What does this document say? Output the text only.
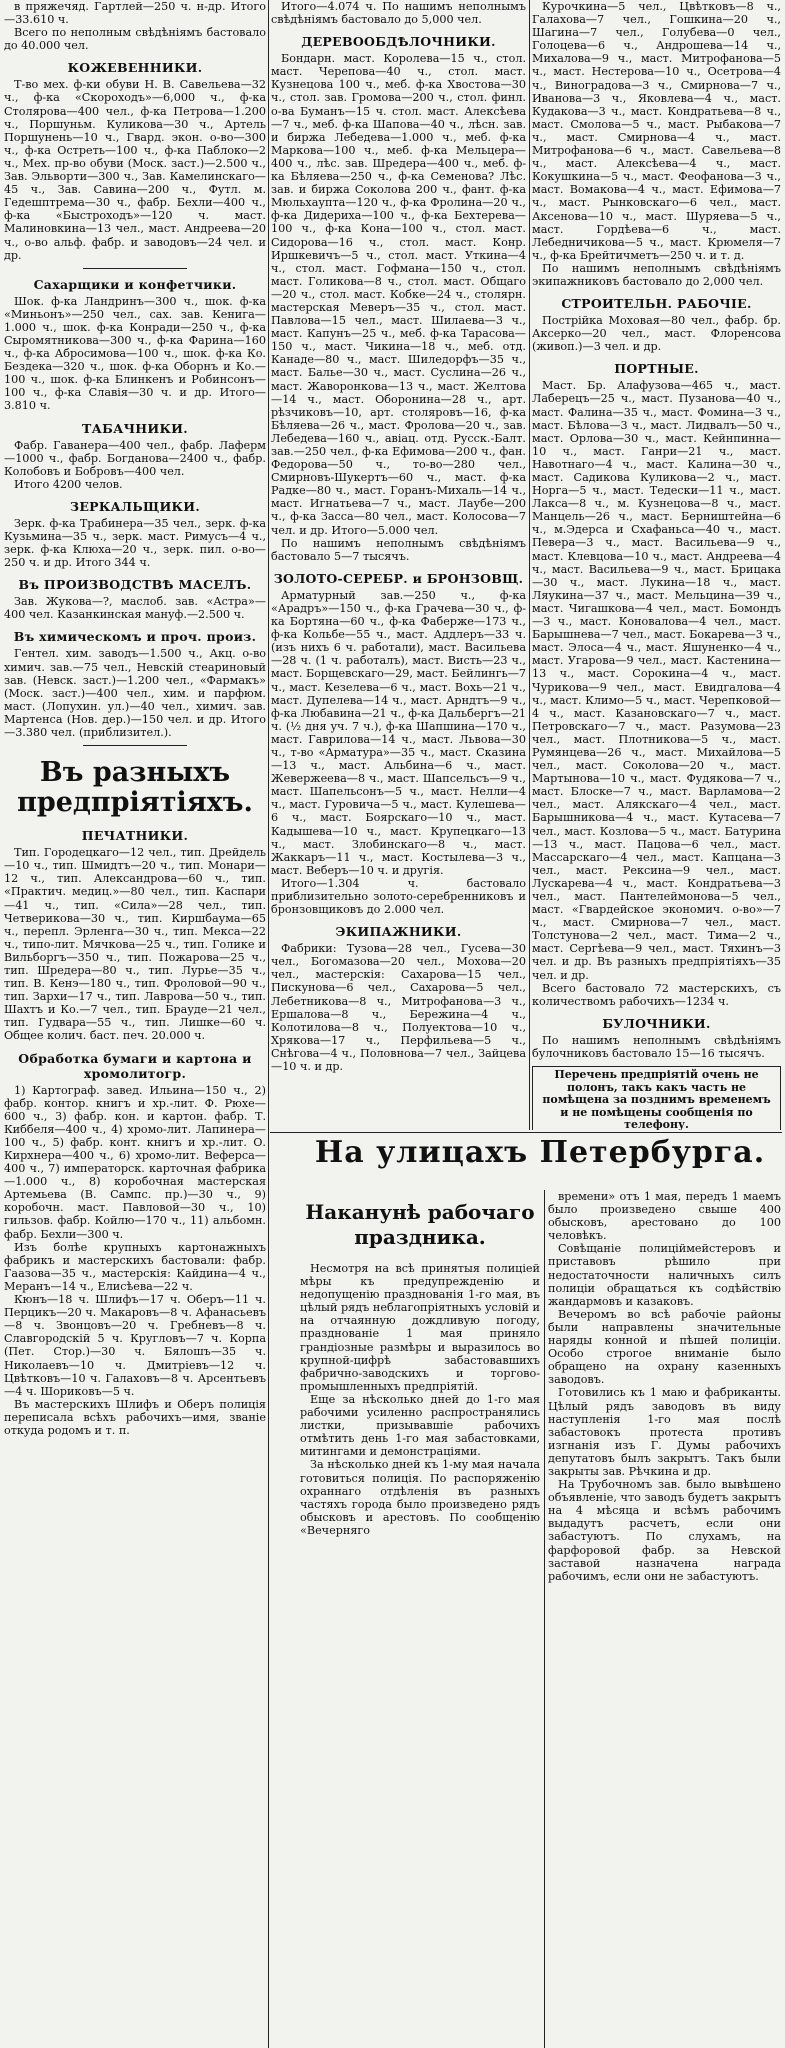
в пряжечяд. Гартлей—250 ч. н-др. Итого—33.610 ч.

Всего по неполным свѣдѣніямъ бастовало до 40.000 чел.

КОЖЕВЕННИКИ.

Т-во мех. ф-ки обуви Н. В. Савельева—32 ч., ф-ка «Скороходъ»—6,000 ч., ф-ка Столярова—400 чел., ф-ка Петрова—1.200 ч., Поршуньм. Куликова—30 ч., Артель Поршунень—10 ч., Гвард. экон. о-во—300 ч., ф-ка Остреть—100 ч., ф-ка Паблоко—2 ч., Мех. пр-во обуви (Моск. заст.)—2.500 ч., Зав. Эльворти—300 ч., Зав. Камелинскаго—45 ч., Зав. Савина—200 ч., Футл. м. Гедешптрема—30 ч., фабр. Бехли—400 ч., ф-ка «Быстроходъ»—120 ч. маст. Малиновкина—13 чел., маст. Андреева—20 ч., о-во альф. фабр. и заводовъ—24 чел. и др.

Сахарщики и конфетчики.

Шок. ф-ка Ландринъ—300 ч., шок. ф-ка «Миньонъ»—250 чел., сах. зав. Кенига—1.000 ч., шок. ф-ка Конради—250 ч., ф-ка Сыромятникова—300 ч., ф-ка Фарина—160 ч., ф-ка Абросимова—100 ч., шок. ф-ка Ко. Бездека—320 ч., шок. ф-ка Оборнъ и Ко.—100 ч., шок. ф-ка Блинкенъ и Робинсонъ—100 ч., ф-ка Славія—30 ч. и др. Итого—3.810 ч.

ТАБАЧНИКИ.

Фабр. Гаванера—400 чел., фабр. Лаферм—1000 ч., фабр. Богданова—2400 ч., фабр. Колобовъ и Бобровъ—400 чел.

Итого 4200 челов.

ЗЕРКАЛЬЩИКИ.

Зерк. ф-ка Трабинера—35 чел., зерк. ф-ка Кузьмина—35 ч., зерк. маст. Римусъ—4 ч., зерк. ф-ка Клюха—20 ч., зерк. пил. о-во—250 ч. и др. Итого 344 ч.

Въ ПРОИЗВОДСТВѢ МАСЕЛЪ.

Зав. Жукова—?, маслоб. зав. «Астра»—400 чел. Казанкинская мануф.—2.500 ч.

Въ химическомъ и проч. произ.

Гентел. хим. заводъ—1.500 ч., Акц. о-во химич. зав.—75 чел., Невскій стеариновый зав. (Невск. заст.)—1.200 чел., «Фармакъ» (Моск. заст.)—400 чел., хим. и парфюм. маст. (Лопухин. ул.)—40 чел., химич. зав. Мартенса (Нов. дер.)—150 чел. и др. Итого—3.380 чел. (приблизител.).

Въ разныхъ предпріятіяхъ.
ПЕЧАТНИКИ.

Тип. Городецкаго—12 чел., тип. Дрейдель—10 ч., тип. Шмидтъ—20 ч., тип. Монари—12 ч., тип. Александрова—60 ч., тип. «Практич. медиц.»—80 чел., тип. Каспари—41 ч., тип. «Сила»—28 чел., тип. Четверикова—30 ч., тип. Киршбаума—65 ч., перепл. Эрленга—30 ч., тип. Мекса—22 ч., типо-лит. Мячкова—25 ч., тип. Голике и Вильборгъ—350 ч., тип. Пожарова—25 ч., тип. Шредера—80 ч., тип. Лурье—35 ч., тип. В. Кенэ—180 ч., тип. Фроловой—90 ч., тип. Зархи—17 ч., тип. Лаврова—50 ч., тип. Шахтъ и Ко.—7 чел., тип. Брауде—21 чел., тип. Гудвара—55 ч., тип. Лишке—60 ч. Общее колич. баст. печ. 20.000 ч.

Обработка бумаги и картона и хромолитогр.

1) Картограф. завед. Ильина—150 ч., 2) фабр. контор. книгъ и хр.-лит. Ф. Рюхе—600 ч., 3) фабр. кон. и картон. фабр. Т. Киббеля—400 ч., 4) хромо-лит. Лапинера—100 ч., 5) фабр. конт. книгъ и хр.-лит. О. Кирхнера—400 ч., 6) хромо-лит. Веферса—400 ч., 7) императорск. карточная фабрика—1.000 ч., 8) коробочная мастерская Артемьева (В. Сампс. пр.)—30 ч., 9) коробочн. маст. Павловой—30 ч., 10) гильзов. фабр. Койлю—170 ч., 11) альбомн. фабр. Бехли—300 ч.

Изъ болѣе крупныхъ картонажныхъ фабрикъ и мастерскихъ бастовали: фабр. Гаазова—35 ч., мастерскія: Кайдина—4 ч., Меранъ—14 ч., Елисѣева—22 ч.

Кюнъ—18 ч. Шлифъ—17 ч. Оберъ—11 ч. Перцикъ—20 ч. Макаровъ—8 ч. Афанасьевъ—8 ч. Звонцовъ—20 ч. Гребневъ—8 ч. Славгородскій 5 ч. Кругловъ—7 ч. Корпа (Пет. Стор.)—30 ч. Бялошъ—35 ч. Николаевъ—10 ч. Дмитріевъ—12 ч. Цвѣтковъ—10 ч. Галаховъ—8 ч. Арсентьевъ—4 ч. Шориковъ—5 ч.

Въ мастерскихъ Шлифъ и Оберъ полиція переписала всѣхъ рабочихъ—имя, званіе откуда родомъ и т. п.

Итого—4.074 ч. По нашимъ неполнымъ свѣдѣніямъ бастовало до 5,000 чел.

ДЕРЕВООБДѢЛОЧНИКИ.

Бондарн. маст. Королева—15 ч., стол. маст. Черепова—40 ч., стол. маст. Кузнецова 100 ч., меб. ф-ка Хвостова—30 ч., стол. зав. Громова—200 ч., стол. финл. о-ва Буманъ—15 ч. стол. маст. Алексѣева—7 ч., меб. ф-ка Шапова—40 ч., лѣсн. зав. и биржа Лебедева—1.000 ч., меб. ф-ка Маркова—100 ч., меб. ф-ка Мельцера—400 ч., лѣс. зав. Шредера—400 ч., меб. ф-ка Бѣляева—250 ч., ф-ка Семенова? Лѣс. зав. и биржа Соколова 200 ч., фант. ф-ка Мюльхаупта—120 ч., ф-ка Фролина—20 ч., ф-ка Дидериха—100 ч., ф-ка Бехтерева—100 ч., ф-ка Кона—100 ч., стол. маст. Сидорова—16 ч., стол. маст. Конр. Иршкевичъ—5 ч., стол. маст. Уткина—4 ч., стол. маст. Гофмана—150 ч., стол. маст. Голикова—8 ч., стол. маст. Общаго—20 ч., стол. маст. Кобке—24 ч., столярн. мастерская Меверъ—35 ч., стол. маст. Павлова—15 чел., маст. Шилаева—3 ч., маст. Капунъ—25 ч., меб. ф-ка Тарасова—150 ч., маст. Чикина—18 ч., меб. отд. Канаде—80 ч., маст. Шиледорфъ—35 ч., маст. Балье—30 ч., маст. Суслина—26 ч., маст. Жаворонкова—13 ч., маст. Желтова—14 ч., маст. Оборонина—28 ч., арт. рѣзчиковъ—10, арт. столяровъ—16, ф-ка Бѣляева—26 ч., маст. Фролова—20 ч., зав. Лебедева—160 ч., авіац. отд. Русск.-Балт. зав.—250 чел., ф-ка Ефимова—200 ч., фан. Федорова—50 ч., то-во—280 чел., Смирновъ-Шукертъ—60 ч., маст. ф-ка Радке—80 ч., маст. Горанъ-Михаль—14 ч., маст. Игнатьева—7 ч., маст. Лаубе—200 ч., ф-ка Засса—80 чел., маст. Колосова—7 чел. и др. Итого—5.000 чел.

По нашимъ неполнымъ свѣдѣніямъ бастовало 5—7 тысячъ.

ЗОЛОТО-СЕРЕБР. и БРОНЗОВЩ.

Арматурный зав.—250 ч., ф-ка «Арадръ»—150 ч., ф-ка Грачева—30 ч., ф-ка Бортяна—60 ч., ф-ка Фаберже—173 ч., ф-ка Кольбе—55 ч., маст. Аддлеръ—33 ч. (изъ нихъ 6 ч. работали), маст. Васильева—28 ч. (1 ч. работалъ), маст. Висть—23 ч., маст. Борщевскаго—29, маст. Бейлингь—7 ч., маст. Кезелева—6 ч., маст. Вохь—21 ч., маст. Дупелева—14 ч., маст. Арндтъ—9 ч., ф-ка Любавина—21 ч., ф-ка Дальбергъ—21 ч. (½ дня уч. 7 ч.), ф-ка Шапшина—170 ч., маст. Гаврилова—14 ч., маст. Львова—30 ч., т-во «Арматура»—35 ч., маст. Сказина—13 ч., маст. Альбина—6 ч., маст. Жевержеева—8 ч., маст. Шапсельсъ—9 ч., маст. Шапельсонъ—5 ч., маст. Нелли—4 ч., маст. Гуровича—5 ч., маст. Кулешева—6 ч., маст. Боярскаго—10 ч., маст. Кадышева—10 ч., маст. Крупецкаго—13 ч., маст. Злобинскаго—8 ч., маст. Жаккаръ—11 ч., маст. Костылева—3 ч., маст. Веберъ—10 ч. и другія.

Итого—1.304 ч. бастовало приблизительно золото-серебренниковъ и бронзовщиковъ до 2.000 чел.

ЭКИПАЖНИКИ.

Фабрики: Тузова—28 чел., Гусева—30 чел., Богомазова—20 чел., Мохова—20 чел., мастерскія: Сахарова—15 чел., Пискунова—6 чел., Сахарова—5 чел., Лебетникова—8 ч., Митрофанова—3 ч., Ершалова—8 ч., Бережина—4 ч., Колотилова—8 ч., Полуектова—10 ч., Хрякова—17 ч., Перфильева—5 ч., Снѣгова—4 ч., Половнова—7 чел., Зайцева—10 ч. и др.

Курочкина—5 чел., Цвѣтковъ—8 ч., Галахова—7 чел., Гошкина—20 ч., Шагина—7 чел., Голубева—0 чел., Голоцева—6 ч., Андрошева—14 ч., Михалова—9 ч., маст. Митрофанова—5 ч., маст. Нестерова—10 ч., Осетрова—4 ч., Виноградова—3 ч., Смирнова—7 ч., Иванова—3 ч., Яковлева—4 ч., маст. Кудакова—3 ч., маст. Кондратьева—8 ч., маст. Смолова—5 ч., маст. Рыбакова—7 ч., маст. Смирнова—4 ч., маст. Митрофанова—6 ч., маст. Савельева—8 ч., маст. Алексѣева—4 ч., маст. Кокушкина—5 ч., маст. Феофанова—3 ч., маст. Вомакова—4 ч., маст. Ефимова—7 ч., маст. Рынковскаго—6 чел., маст. Аксенова—10 ч., маст. Шуряева—5 ч., маст. Гордѣева—6 ч., маст. Лебедничикова—5 ч., маст. Крюмеля—7 ч., ф-ка Брейтичметъ—250 ч. и т. д.

По нашимъ неполнымъ свѣдѣніямъ экипажниковъ бастовало до 2,000 чел.

СТРОИТЕЛЬН. РАБОЧІЕ.

Пострійка Моховая—80 чел., фабр. бр. Аксерко—20 чел., маст. Флоренсова (живоп.)—3 чел. и др.

ПОРТНЫЕ.

Маст. Бр. Алафузова—465 ч., маст. Лаберецъ—25 ч., маст. Пузанова—40 ч., маст. Фалина—35 ч., маст. Фомина—3 ч., маст. Бѣлова—3 ч., маст. Лидвалъ—50 ч., маст. Орлова—30 ч., маст. Кейнпинна—10 ч., маст. Ганри—21 ч., маст. Навотнаго—4 ч., маст. Калина—30 ч., маст. Садикова Куликова—2 ч., маст. Норга—5 ч., маст. Тедески—11 ч., маст. Лакса—8 ч., м. Кузнецова—8 ч., маст. Манцель—26 ч., маст. Берништейна—6 ч., м.Эдерса и Схафаньса—40 ч., маст. Певера—3 ч., маст. Васильева—9 ч., маст. Клевцова—10 ч., маст. Андреева—4 ч., маст. Васильева—9 ч., маст. Брицака—30 ч., маст. Лукина—18 ч., маст. Ляукина—37 ч., маст. Мельцина—39 ч., маст. Чигашкова—4 чел., маст. Бомондъ—3 ч., маст. Коновалова—4 чел., маст. Барышнева—7 чел., маст. Бокарева—3 ч., маст. Элоса—4 ч., маст. Яшуненко—4 ч., маст. Угарова—9 чел., маст. Кастенина—13 ч., маст. Сорокина—4 ч., маст. Чурикова—9 чел., маст. Евидгалова—4 ч., маст. Климо—5 ч., маст. Черепковой—4 ч., маст. Казановскаго—7 ч., маст. Петровскаго—7 ч., маст. Разумова—23 чел., маст. Плотникова—5 ч., маст. Румянцева—26 ч., маст. Михайлова—5 чел., маст. Соколова—20 ч., маст. Мартынова—10 ч., маст. Фудякова—7 ч., маст. Блоске—7 ч., маст. Варламова—2 чел., маст. Алякскаго—4 чел., маст. Барышникова—4 ч., маст. Кутасева—7 чел., маст. Козлова—5 ч., маст. Батурина—13 ч., маст. Пацова—6 чел., маст. Массарскаго—4 чел., маст. Капцана—3 чел., маст. Рексина—9 чел., маст. Лускарева—4 ч., маст. Кондратьева—3 чел., маст. Пантелеймонова—5 чел., маст. «Гвардейское экономич. о-во»—7 ч., маст. Смирнова—7 чел., маст. Толстунова—2 чел., маст. Тима—2 ч., маст. Сергѣева—9 чел., маст. Тяхинъ—3 чел. и др. Въ разныхъ предпріятіяхъ—35 чел. и др.

Всего бастовало 72 мастерскихъ, съ количествомъ рабочихъ—1234 ч.

БУЛОЧНИКИ.

По нашимъ неполнымъ свѣдѣніямъ булочниковъ бастовало 15—16 тысячъ.

Перечень предпріятій очень не полонъ, такъ какъ часть не помѣщена за позднимъ временемъ и не помѣщены сообщенія по телефону.

На улицахъ Петербурга.
Наканунѣ рабочаго праздника.

Несмотря на всѣ принятыя полиціей мѣры къ предупрежденію и недопущенію празднованія 1-го мая, въ цѣлый рядъ неблагопріятныхъ условій и на отчаянную дождливую погоду, празднованіе 1 мая приняло грандіозные размѣры и выразилось во крупной-цифрѣ забастовавшихъ фабрично-заводскихъ и торгово-промышленныхъ предпріятій.

Еще за нѣсколько дней до 1-го мая рабочими усиленно распространялись листки, призывавшіе рабочихъ отмѣтить день 1-го мая забастовками, митингами и демонстраціями.

За нѣсколько дней къ 1-му мая начала готовиться полиція. По распоряженію охраннаго отдѣленія въ разныхъ частяхъ города было произведено рядъ обысковъ и арестовъ. По сообщенію «Вечерняго

времени» отъ 1 мая, передъ 1 маемъ было произведено свыше 400 обысковъ, арестовано до 100 человѣкъ.

Совѣщаніе полиціймейстеровъ и приставовъ рѣшило при недостаточности наличныхъ силъ полиціи обращаться къ содѣйствію жандармовъ и казаковъ.

Вечеромъ во всѣ рабочіе районы были направлены значительные наряды конной и пѣшей полиціи. Особо строгое вниманіе было обращено на охрану казенныхъ заводовъ.

Готовились къ 1 маю и фабриканты. Цѣлый рядъ заводовъ въ виду наступленія 1-го мая послѣ забастовокъ протеста противъ изгнанія изъ Г. Думы рабочихъ депутатовъ былъ закрытъ. Такъ были закрыты зав. Рѣчкина и др.

На Трубочномъ зав. было вывѣшено объявленіе, что заводъ будетъ закрытъ на 4 мѣсяца и всѣмъ рабочимъ выдадутъ расчетъ, если они забастуютъ. По слухамъ, на фарфоровой фабр. за Невской заставой назначена награда рабочимъ, если они не забастуютъ.
